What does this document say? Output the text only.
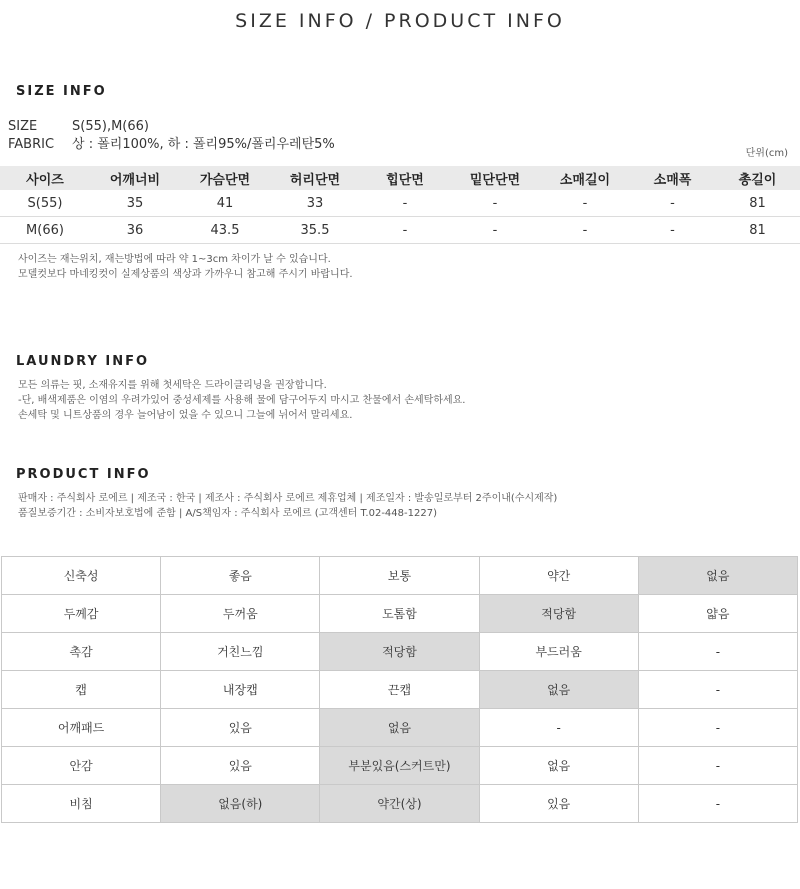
SIZE INFO / PRODUCT INFO
SIZE INFO
SIZE	S(55),M(66)
FABRIC 상 : 폴리100%, 하 : 폴리95%/폴리우레탄5%
단위(cm)
사이즈	어깨너비	가슴단면	허리단면	힙단면	밑단단면	소매길이	소매폭	총길이
S(55)	35	41	33	-	-	-	-	81
M(66)	36	43.5	35.5	-	-	-	-	81
사이즈는 재는위치, 재는방법에 따라 약 1~3cm 차이가 날 수 있습니다.
모델컷보다 마네킹컷이 실제상품의 색상과 가까우니 참고해 주시기 바랍니다.
LAUNDRY INFO
모든 의류는 핏, 소재유지를 위해 첫세탁은 드라이클리닝을 권장합니다.
-단, 배색제품은 이염의 우려가있어 중성세제를 사용해 물에 담구어두지 마시고 찬물에서 손세탁하세요.
손세탁 및 니트상품의 경우 늘어남이 었을 수 있으니 그늘에 뉘어서 말리세요.
PRODUCT INFO
판매자 : 주식회사 로에르 | 제조국 : 한국 | 제조사 : 주식회사 로에르 제휴업체 | 제조일자 : 발송일로부터 2주이내(수시제작)
품질보증기간 : 소비자보호법에 준함 | A/S책임자 : 주식회사 로에르 (고객센터 T.02-448-1227)
신축성	좋음	보통	약간	없음
두께감	두꺼움	도톰함	적당함	얇음
촉감	거친느낌	적당함	부드러움	-
캡	내장캡	끈캡	없음	-
어깨패드	있음	없음	-	-
안감	있음	부분있음(스커트만)	없음	-
비침	없음(하)	약간(상)	있음	-
